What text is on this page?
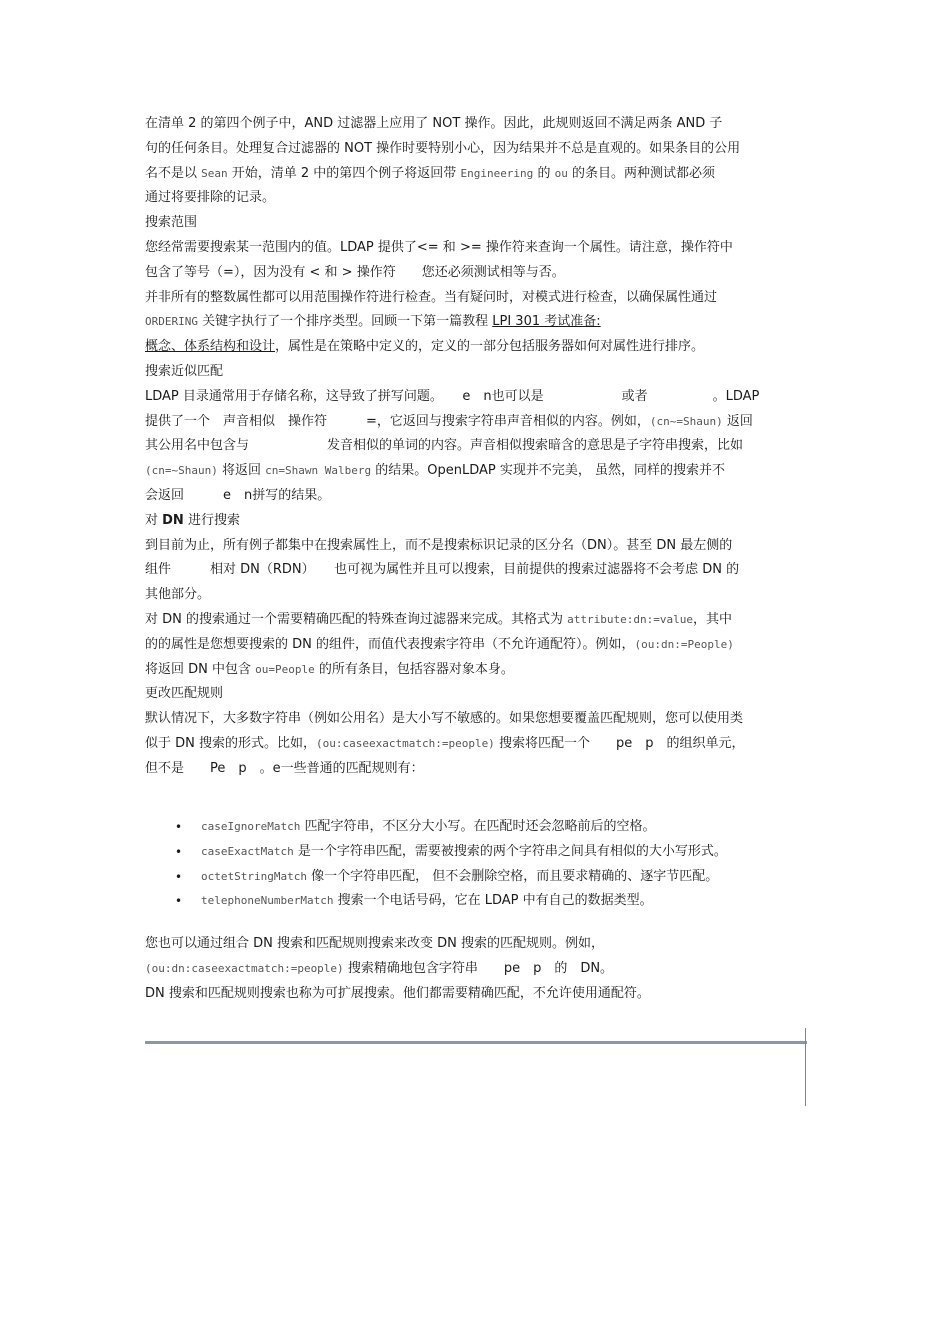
在清单 2 的第四个例子中，AND 过滤器上应用了 NOT 操作。因此，此规则返回不满足两条 AND 子
句的任何条目。处理复合过滤器的 NOT 操作时要特别小心，因为结果并不总是直观的。如果条目的公用
名不是以 Sean 开始，清单 2 中的第四个例子将返回带 Engineering 的 ou 的条目。两种测试都必须
通过将要排除的记录。
搜索范围
您经常需要搜索某一范围内的值。LDAP 提供了<= 和 >= 操作符来查询一个属性。请注意，操作符中
包含了等号（=），因为没有 < 和 > 操作符　　您还必须测试相等与否。
并非所有的整数属性都可以用范围操作符进行检查。当有疑问时，对模式进行检查，以确保属性通过
ORDERING 关键字执行了一个排序类型。回顾一下第一篇教程 LPI 301 考试准备:
概念、体系结构和设计，属性是在策略中定义的，定义的一部分包括服务器如何对属性进行排序。
搜索近似匹配
LDAP 目录通常用于存储名称，这导致了拼写问题。　　e　n也可以是　　　　　　或者　　　　　。LDAP
提供了一个　声音相似　操作符　　　=，它返回与搜索字符串声音相似的内容。例如，(cn~=Shaun) 返回
其公用名中包含与　　　　　　发音相似的单词的内容。声音相似搜索暗含的意思是子字符串搜索，比如
(cn=~Shaun) 将返回 cn=Shawn Walberg 的结果。OpenLDAP 实现并不完美， 虽然，同样的搜索并不
会返回　　　e　n拼写的结果。
对 DN 进行搜索
到目前为止，所有例子都集中在搜索属性上，而不是搜索标识记录的区分名（DN）。甚至 DN 最左侧的
组件　　　相对 DN（RDN）　　也可视为属性并且可以搜索，目前提供的搜索过滤器将不会考虑 DN 的
其他部分。
对 DN 的搜索通过一个需要精确匹配的特殊查询过滤器来完成。其格式为 attribute:dn:=value，其中
的的属性是您想要搜索的 DN 的组件，而值代表搜索字符串（不允许通配符）。例如，(ou:dn:=People)
将返回 DN 中包含 ou=People 的所有条目，包括容器对象本身。
更改匹配规则
默认情况下，大多数字符串（例如公用名）是大小写不敏感的。如果您想要覆盖匹配规则，您可以使用类
似于 DN 搜索的形式。比如，(ou:caseexactmatch:=people) 搜索将匹配一个　　pe　p　的组织单元，
但不是　　Pe　p　。e一些普通的匹配规则有：
• caseIgnoreMatch 匹配字符串，不区分大小写。在匹配时还会忽略前后的空格。
• caseExactMatch 是一个字符串匹配，需要被搜索的两个字符串之间具有相似的大小写形式。
• octetStringMatch 像一个字符串匹配， 但不会删除空格，而且要求精确的、逐字节匹配。
• telephoneNumberMatch 搜索一个电话号码，它在 LDAP 中有自己的数据类型。
您也可以通过组合 DN 搜索和匹配规则搜索来改变 DN 搜索的匹配规则。例如，
(ou:dn:caseexactmatch:=people) 搜索精确地包含字符串　　pe　p　的　DN。
DN 搜索和匹配规则搜索也称为可扩展搜索。他们都需要精确匹配，不允许使用通配符。
